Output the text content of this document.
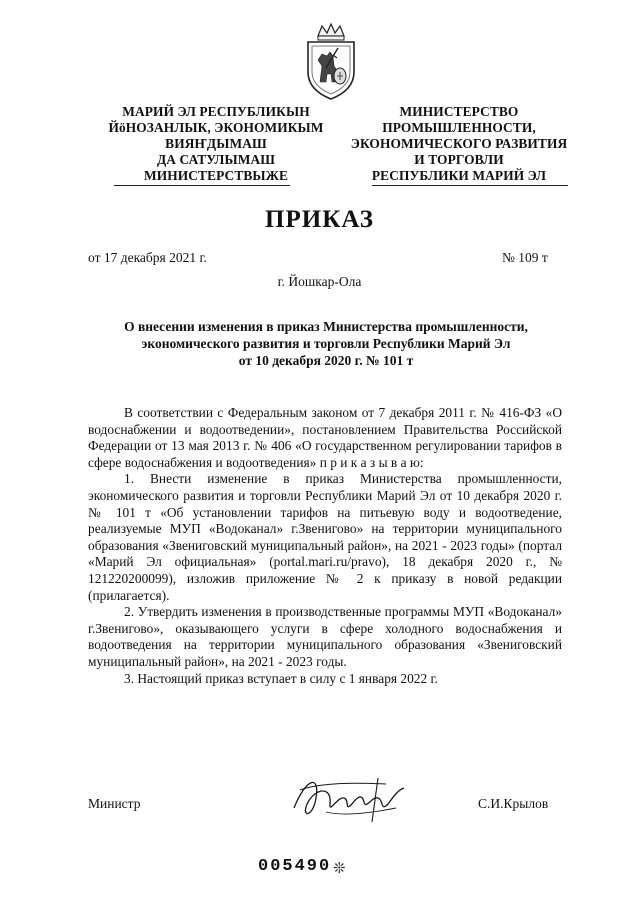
МАРИЙ ЭЛ РЕСПУБЛИКЫН
ЙӧНОЗАНЛЫК, ЭКОНОМИКЫМ
ВИЯҤДЫМАШ
ДА САТУЛЫМАШ
МИНИСТЕРСТВЫЖЕ
МИНИСТЕРСТВО
ПРОМЫШЛЕННОСТИ,
ЭКОНОМИЧЕСКОГО РАЗВИТИЯ
И ТОРГОВЛИ
РЕСПУБЛИКИ МАРИЙ ЭЛ
ПРИКАЗ
от 17 декабря 2021 г.	№ 109 т
г. Йошкар-Ола
О внесении изменения в приказ Министерства промышленности,
экономического развития и торговли Республики Марий Эл
от 10 декабря 2020 г. № 101 т

В соответствии с Федеральным законом от 7 декабря 2011 г. № 416-ФЗ «О водоснабжении и водоотведении», постановлением Правительства Российской Федерации от 13 мая 2013 г. № 406 «О государственном регулировании тарифов в сфере водоснабжения и водоотведения» п р и к а з ы в а ю:

1. Внести изменение в приказ Министерства промышленности, экономического развития и торговли Республики Марий Эл от 10 декабря 2020 г. № 101 т «Об установлении тарифов на питьевую воду и водоотведение, реализуемые МУП «Водоканал» г.Звенигово» на территории муниципального образования «Звениговский муниципальный район», на 2021 - 2023 годы» (портал «Марий Эл официальная» (portal.mari.ru/pravo), 18 декабря 2020 г., № 121220200099), изложив приложение № 2 к приказу в новой редакции (прилагается).

2. Утвердить изменения в производственные программы МУП «Водоканал» г.Звенигово», оказывающего услуги в сфере холодного водоснабжения и водоотведения на территории муниципального образования «Звениговский муниципальный район», на 2021 - 2023 годы.

3. Настоящий приказ вступает в силу с 1 января 2022 г.

Министр	С.И.Крылов
005490 ❊
